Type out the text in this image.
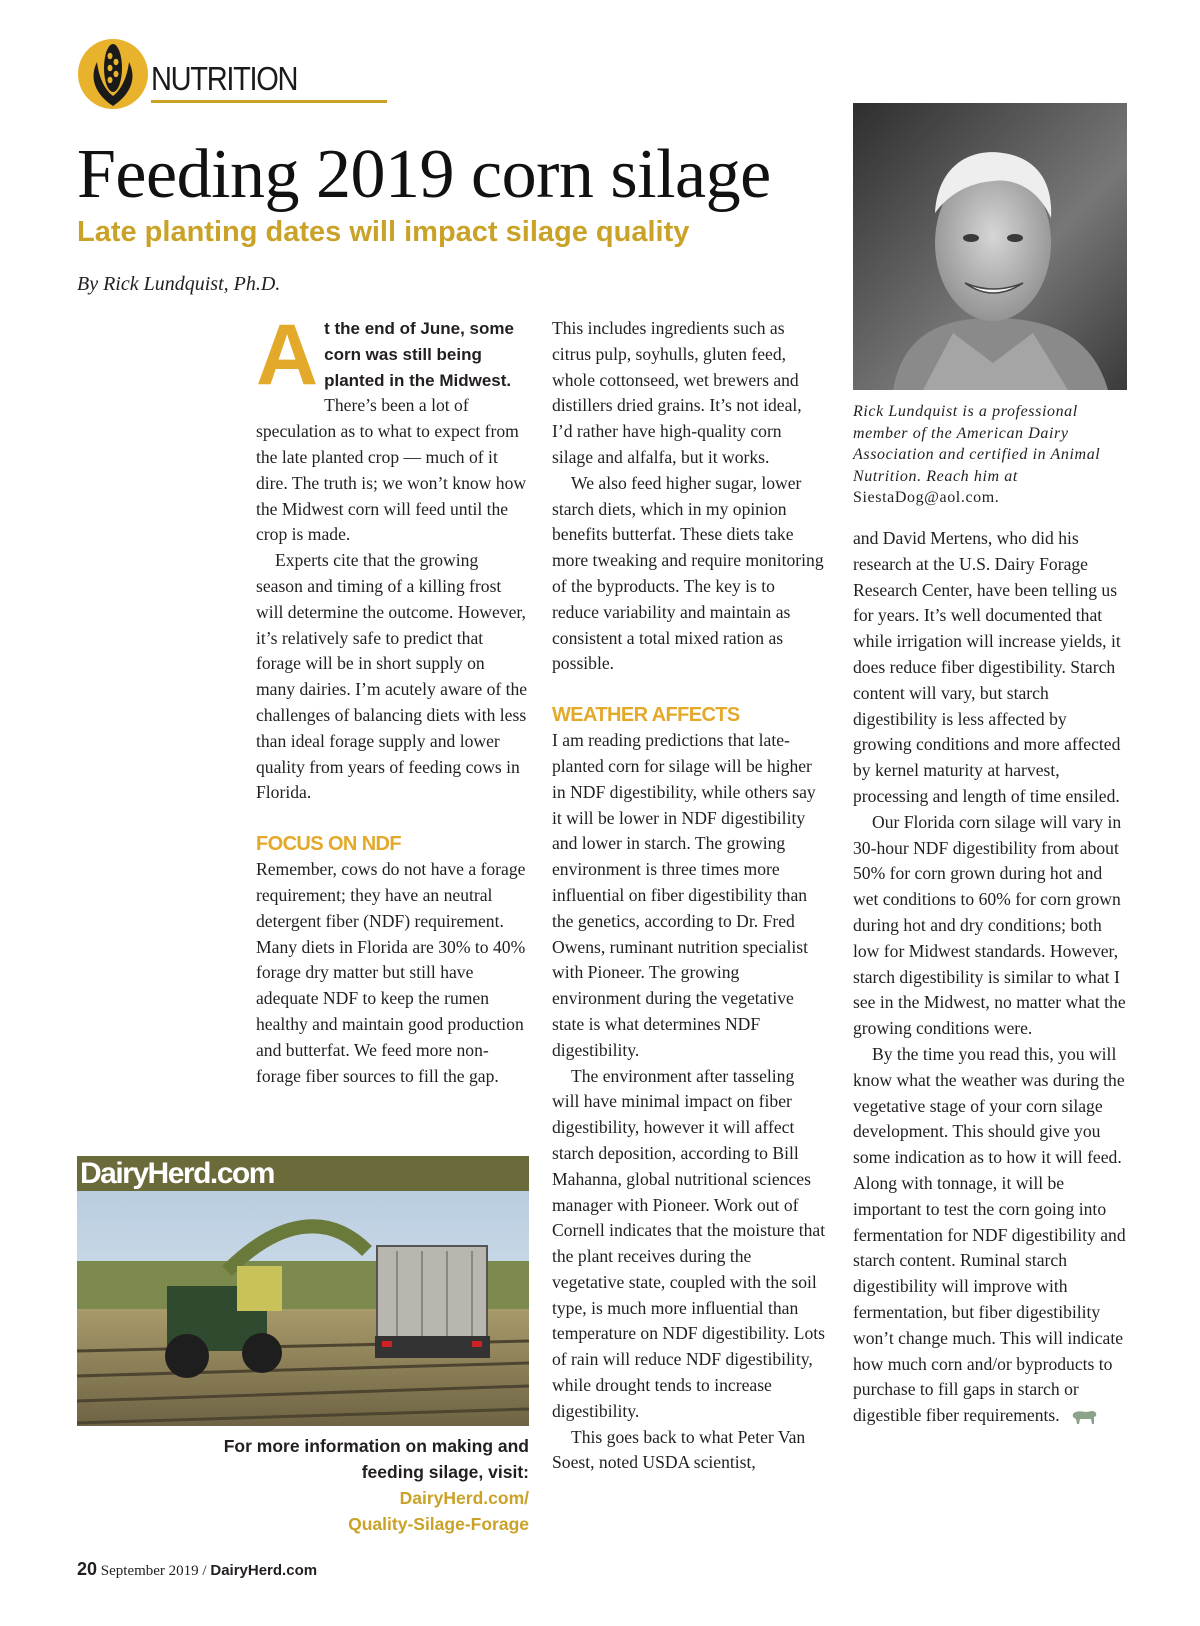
NUTRITION
Feeding 2019 corn silage
Late planting dates will impact silage quality
By Rick Lundquist, Ph.D.
Rick Lundquist is a professional member of the American Dairy Association and certified in Animal Nutrition. Reach him at SiestaDog@aol.com.

At the end of June, some corn was still being planted in the Midwest. There’s been a lot of speculation as to what to expect from the late planted crop — much of it dire. The truth is; we won’t know how the Midwest corn will feed until the crop is made.

Experts cite that the growing season and timing of a killing frost will determine the outcome. However, it’s relatively safe to predict that forage will be in short supply on many dairies. I’m acutely aware of the challenges of balancing diets with less than ideal forage supply and lower quality from years of feeding cows in Florida.

FOCUS ON NDF

Remember, cows do not have a forage requirement; they have an neutral detergent fiber (NDF) requirement. Many diets in Florida are 30% to 40% forage dry matter but still have adequate NDF to keep the rumen healthy and maintain good production and butterfat. We feed more non-forage fiber sources to fill the gap.

This includes ingredients such as citrus pulp, soyhulls, gluten feed, whole cottonseed, wet brewers and distillers dried grains. It’s not ideal, I’d rather have high-quality corn silage and alfalfa, but it works.

We also feed higher sugar, lower starch diets, which in my opinion benefits butterfat. These diets take more tweaking and require monitoring of the byproducts. The key is to reduce variability and maintain as consistent a total mixed ration as possible.

WEATHER AFFECTS

I am reading predictions that late-planted corn for silage will be higher in NDF digestibility, while others say it will be lower in NDF digestibility and lower in starch. The growing environment is three times more influential on fiber digestibility than the genetics, according to Dr. Fred Owens, ruminant nutrition specialist with Pioneer. The growing environment during the vegetative state is what determines NDF digestibility.

The environment after tasseling will have minimal impact on fiber digestibility, however it will affect starch deposition, according to Bill Mahanna, global nutritional sciences manager with Pioneer. Work out of Cornell indicates that the moisture that the plant receives during the vegetative state, coupled with the soil type, is much more influential than temperature on NDF digestibility. Lots of rain will reduce NDF digestibility, while drought tends to increase digestibility.

This goes back to what Peter Van Soest, noted USDA scientist,

and David Mertens, who did his research at the U.S. Dairy Forage Research Center, have been telling us for years. It’s well documented that while irrigation will increase yields, it does reduce fiber digestibility. Starch content will vary, but starch digestibility is less affected by growing conditions and more affected by kernel maturity at harvest, processing and length of time ensiled.

Our Florida corn silage will vary in 30-hour NDF digestibility from about 50% for corn grown during hot and wet conditions to 60% for corn grown during hot and dry conditions; both low for Midwest standards. However, starch digestibility is similar to what I see in the Midwest, no matter what the growing conditions were.

By the time you read this, you will know what the weather was during the vegetative stage of your corn silage development. This should give you some indication as to how it will feed. Along with tonnage, it will be important to test the corn going into fermentation for NDF digestibility and starch content. Ruminal starch digestibility will improve with fermentation, but fiber digestibility won’t change much. This will indicate how much corn and/or byproducts to purchase to fill gaps in starch or digestible fiber requirements.

DairyHerd.com
For more information on making and feeding silage, visit:
DairyHerd.com/
Quality-Silage-Forage
20 September 2019 / DairyHerd.com
